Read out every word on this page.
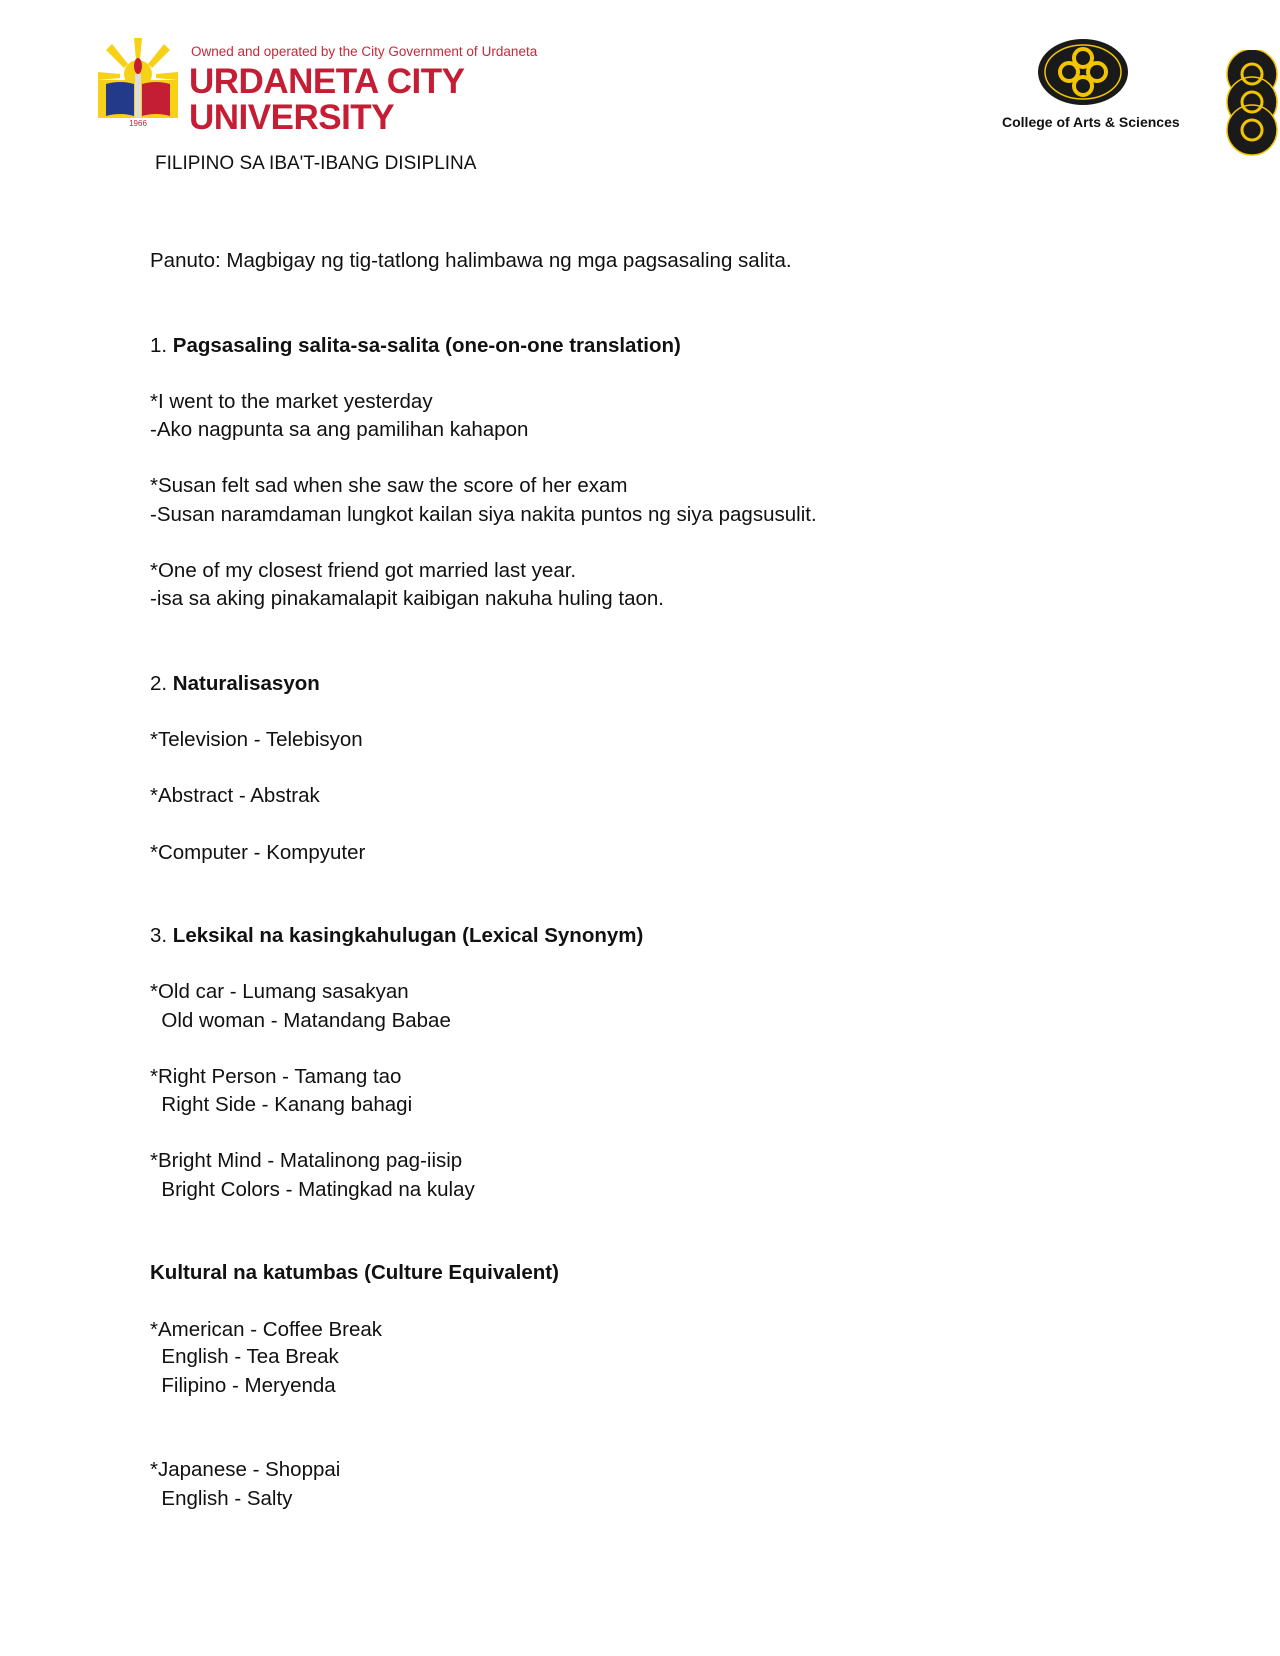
1966
Owned and operated by the City Government of Urdaneta
URDANETA CITY
UNIVERSITY	College of Arts & Sciences
FILIPINO SA IBA'T-IBANG DISIPLINA
Panuto: Magbigay ng tig-tatlong halimbawa ng mga pagsasaling salita.
1. Pagsasaling salita-sa-salita (one-on-one translation)
*I went to the market yesterday
-Ako nagpunta sa ang pamilihan kahapon
*Susan felt sad when she saw the score of her exam
-Susan naramdaman lungkot kailan siya nakita puntos ng siya pagsusulit.
*One of my closest friend got married last year.
-isa sa aking pinakamalapit kaibigan nakuha huling taon.
2. Naturalisasyon
*Television - Telebisyon
*Abstract - Abstrak
*Computer - Kompyuter
3. Leksikal na kasingkahulugan (Lexical Synonym)
*Old car - Lumang sasakyan
Old woman - Matandang Babae
*Right Person - Tamang tao
Right Side - Kanang bahagi
*Bright Mind - Matalinong pag-iisip
Bright Colors - Matingkad na kulay
Kultural na katumbas (Culture Equivalent)
*American - Coffee Break
English - Tea Break
Filipino - Meryenda
*Japanese - Shoppai
English - Salty
